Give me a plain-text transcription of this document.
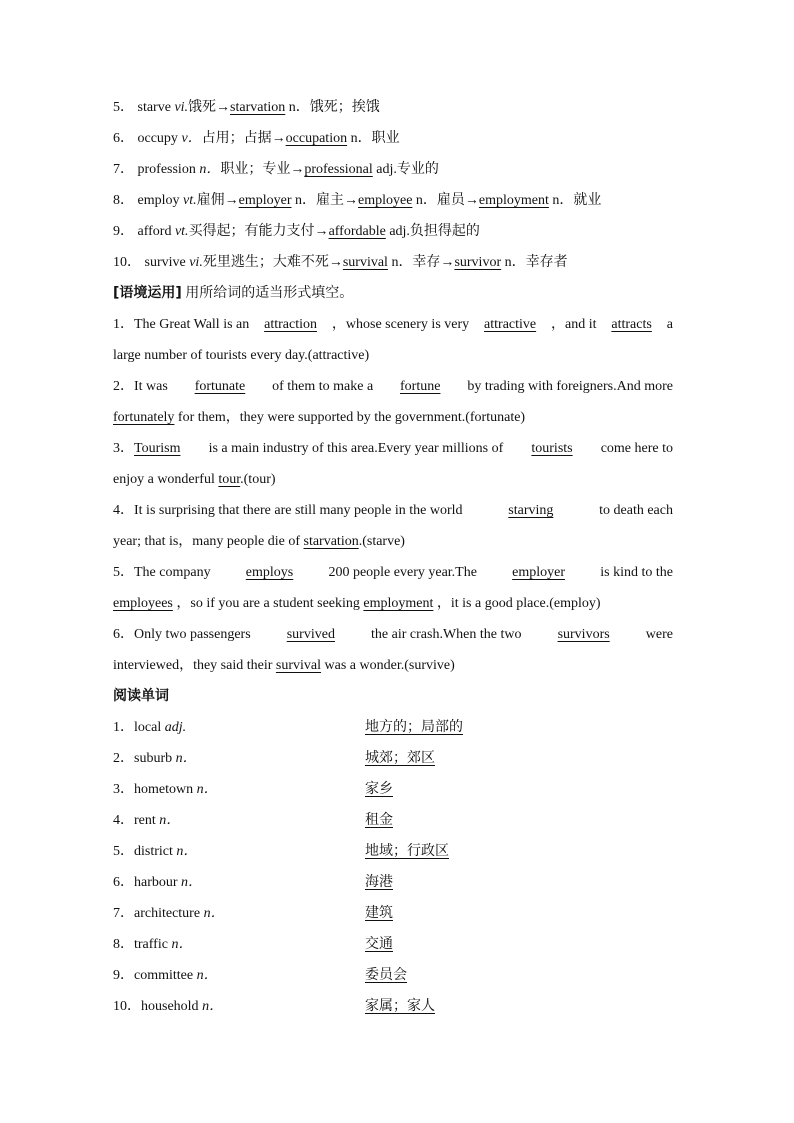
5． starve vi.饿死→starvation n．饿死；挨饿
6． occupy v．占用；占据→occupation n．职业
7． profession n．职业；专业→professional adj.专业的
8． employ vt.雇佣→employer n．雇主→employee n．雇员→employment n．就业
9． afford vt.买得起；有能力支付→affordable adj.负担得起的
10． survive vi.死里逃生；大难不死→survival n．幸存→survivor n．幸存者
[语境运用] 用所给词的适当形式填空。
1．The Great Wall is an attraction ，whose scenery is very attractive ，and it attracts a
large number of tourists every day.(attractive)
2．It was fortunate of them to make a fortune by trading with foreigners.And more
fortunately for them，they were supported by the government.(fortunate)
3．Tourism is a main industry of this area.Every year millions of tourists come here to
enjoy a wonderful tour.(tour)
4．It is surprising that there are still many people in the world	starving	to death each
year; that is，many people die of starvation.(starve)
5．The company	employs	200 people every year.The	employer	is kind to the
employees ，so if you are a student seeking employment ，it is a good place.(employ)
6．Only two passengers	survived	the air crash.When the two	survivors	were
interviewed，they said their survival was a wonder.(survive)
阅读单词
1．local adj.	地方的；局部的
2．suburb n．	城郊；郊区
3．hometown n．	家乡
4．rent n．	租金
5．district n．	地域；行政区
6．harbour n．	海港
7．architecture n．	建筑
8．traffic n．	交通
9．committee n．	委员会
10．household n．	家属；家人
